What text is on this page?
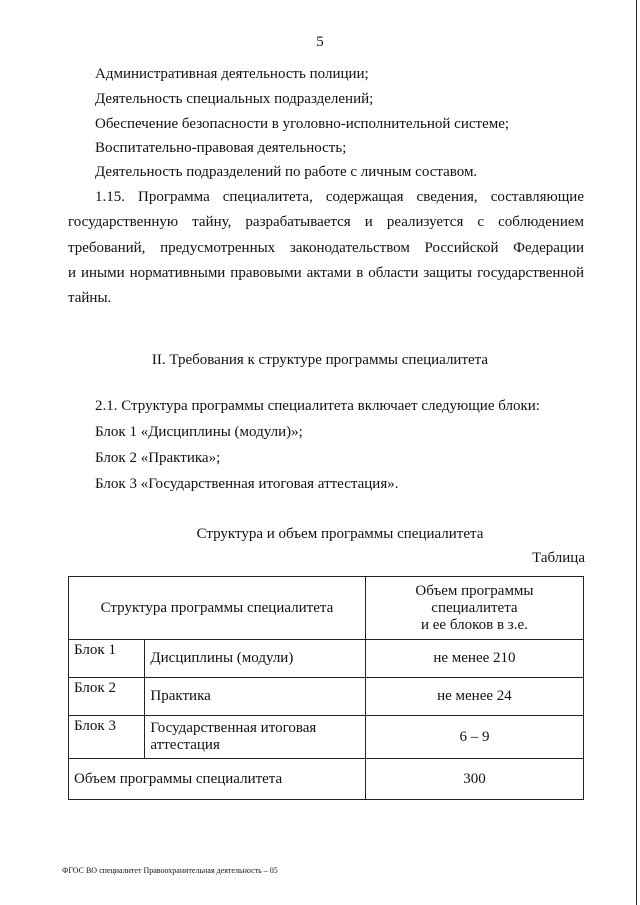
5
Административная деятельность полиции;
Деятельность специальных подразделений;
Обеспечение безопасности в уголовно-исполнительной системе;
Воспитательно-правовая деятельность;
Деятельность подразделений по работе с личным составом.
1.15. Программа специалитета, содержащая сведения, составляющие
государственную тайну, разрабатывается и реализуется с соблюдением
требований, предусмотренных законодательством Российской Федерации
и иными нормативными правовыми актами в области защиты государственной
тайны.
II. Требования к структуре программы специалитета
2.1. Структура программы специалитета включает следующие блоки:
Блок 1 «Дисциплины (модули)»;
Блок 2 «Практика»;
Блок 3 «Государственная итоговая аттестация».
Структура и объем программы специалитета
Таблица
Структура программы специалитета		Объем программы
специалитета
и ее блоков в з.е.
Блок 1	Дисциплины (модули)	не менее 210
Блок 2	Практика	не менее 24
Блок 3	Государственная итоговая аттестация	6 – 9
Объем программы специалитета		300
ФГОС ВО специалитет Правоохранительная деятельность – 05
